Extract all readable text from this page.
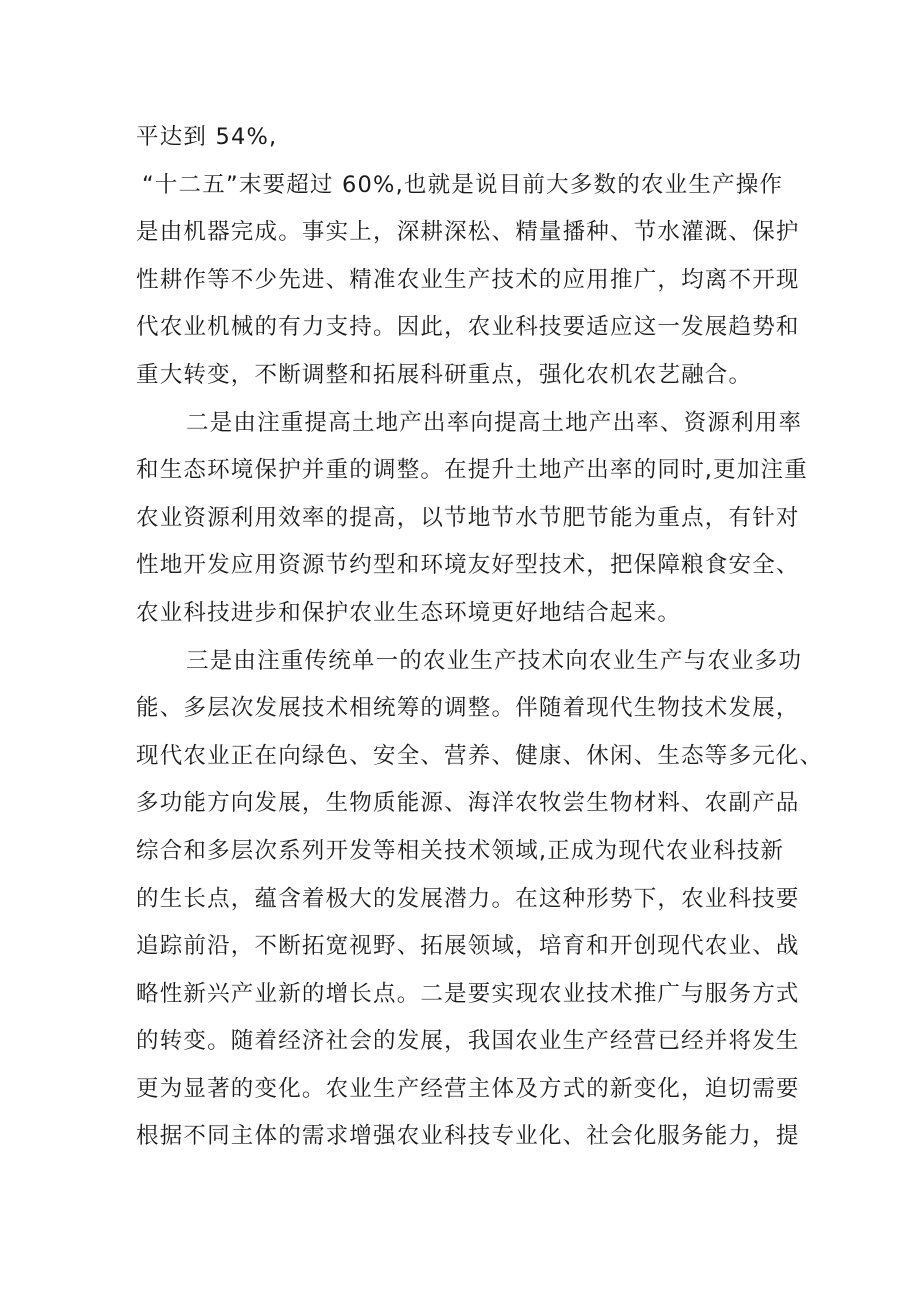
平达到 54%,
“十二五”末要超过 60%,也就是说目前大多数的农业生产操作
是由机器完成。事实上，深耕深松、精量播种、节水灌溉、保护
性耕作等不少先进、精准农业生产技术的应用推广，均离不开现
代农业机械的有力支持。因此，农业科技要适应这一发展趋势和
重大转变，不断调整和拓展科研重点，强化农机农艺融合。
二是由注重提高土地产出率向提高土地产出率、资源利用率
和生态环境保护并重的调整。在提升土地产出率的同时,更加注重
农业资源利用效率的提高，以节地节水节肥节能为重点，有针对
性地开发应用资源节约型和环境友好型技术，把保障粮食安全、
农业科技进步和保护农业生态环境更好地结合起来。
三是由注重传统单一的农业生产技术向农业生产与农业多功
能、多层次发展技术相统筹的调整。伴随着现代生物技术发展，
现代农业正在向绿色、安全、营养、健康、休闲、生态等多元化、
多功能方向发展，生物质能源、海洋农牧尝生物材料、农副产品
综合和多层次系列开发等相关技术领域,正成为现代农业科技新
的生长点，蕴含着极大的发展潜力。在这种形势下，农业科技要
追踪前沿，不断拓宽视野、拓展领域，培育和开创现代农业、战
略性新兴产业新的增长点。二是要实现农业技术推广与服务方式
的转变。随着经济社会的发展，我国农业生产经营已经并将发生
更为显著的变化。农业生产经营主体及方式的新变化，迫切需要
根据不同主体的需求增强农业科技专业化、社会化服务能力，提
